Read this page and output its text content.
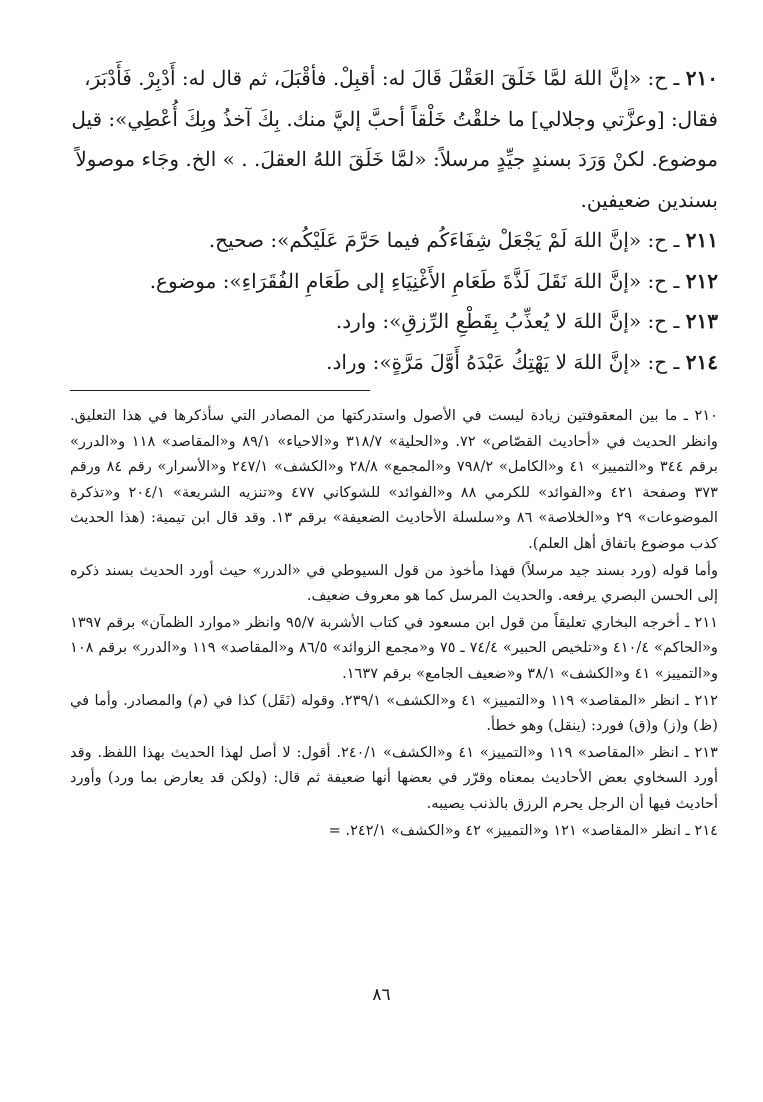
٢١٠ ـ ح: «إنَّ اللهَ لمَّا خَلَقَ العَقْلَ قَالَ له: أقبِلْ. فأقْبَلَ، ثم قال له: أَدْبِرْ. فَأَدْبَرَ، فقال: [وعزَّتي وجلالي] ما خلقْتُ خَلْقاً أحبَّ إليَّ منك. بِكَ آخذُ وبِكَ أُعْطِي»: قيل موضوع. لكنْ وَرَدَ بسندٍ جيِّدٍ مرسلاً: «لمَّا خَلَقَ اللهُ العقلَ. . » الخ. وجَاء موصولاً بسندين ضعيفين.

٢١١ ـ ح: «إنَّ اللهَ لَمْ يَجْعَلْ شِفَاءَكُم فيما حَرَّمَ عَلَيْكُم»: صحيح.

٢١٢ ـ ح: «إنَّ اللهَ نَقَلَ لَذَّةَ طَعَامِ الأَغْنِيَاءِ إلى طَعَامِ الفُقَرَاءِ»: موضوع.

٢١٣ ـ ح: «إنَّ اللهَ لا يُعذِّبُ بِقَطْعِ الرِّزقِ»: وارد.

٢١٤ ـ ح: «إنَّ اللهَ لا يَهْتِكُ عَبْدَهُ أَوَّلَ مَرَّةٍ»: وراد.

٢١٠ ـ ما بين المعقوفتين زيادة ليست في الأصول واستدركتها من المصادر التي سأذكرها في هذا التعليق. وانظر الحديث في «أحاديث القصّاص» ٧٢. و«الحلية» ٣١٨/٧ و«الاحياء» ٨٩/١ و«المقاصد» ١١٨ و«الدرر» برقم ٣٤٤ و«التمييز» ٤١ و«الكامل» ٧٩٨/٢ و«المجمع» ٢٨/٨ و«الكشف» ٢٤٧/١ و«الأسرار» رقم ٨٤ ورقم ٣٧٣ وصفحة ٤٢١ و«الفوائد» للكرمي ٨٨ و«الفوائد» للشوكاني ٤٧٧ و«تنزيه الشريعة» ٢٠٤/١ و«تذكرة الموضوعات» ٢٩ و«الخلاصة» ٨٦ و«سلسلة الأحاديث الضعيفة» برقم ١٣. وقد قال ابن تيمية: (هذا الحديث كذب موضوع باتفاق أهل العلم).

وأما قوله (ورد بسند جيد مرسلاً) فهذا مأخوذ من قول السيوطي في «الدرر» حيث أورد الحديث بسند ذكره إلى الحسن البصري يرفعه. والحديث المرسل كما هو معروف ضعيف.

٢١١ ـ أخرجه البخاري تعليقاً من قول ابن مسعود في كتاب الأشربة ٩٥/٧ وانظر «موارد الظمآن» برقم ١٣٩٧ و«الحاكم» ٤١٠/٤ و«تلخيص الحبير» ٧٤/٤ ـ ٧٥ و«مجمع الزوائد» ٨٦/٥ و«المقاصد» ١١٩ و«الدرر» برقم ١٠٨ و«التمييز» ٤١ و«الكشف» ٣٨/١ و«ضعيف الجامع» برقم ١٦٣٧.

٢١٢ ـ انظر «المقاصد» ١١٩ و«التمييز» ٤١ و«الكشف» ٢٣٩/١. وقوله (نَقَل) كذا في (م) والمصادر. وأما في (ظ) و(ز) و(ق) فورد: (ينقل) وهو خطأ.

٢١٣ ـ انظر «المقاصد» ١١٩ و«التمييز» ٤١ و«الكشف» ٢٤٠/١. أقول: لا أصل لهذا الحديث بهذا اللفظ. وقد أورد السخاوي بعض الأحاديث بمعناه وقرّر في بعضها أنها ضعيفة ثم قال: (ولكن قد يعارض بما ورد) وأورد أحاديث فيها أن الرجل يحرم الرزق بالذنب يصيبه.

٢١٤ ـ انظر «المقاصد» ١٢١ و«التمييز» ٤٢ و«الكشف» ٢٤٢/١. =

٨٦
